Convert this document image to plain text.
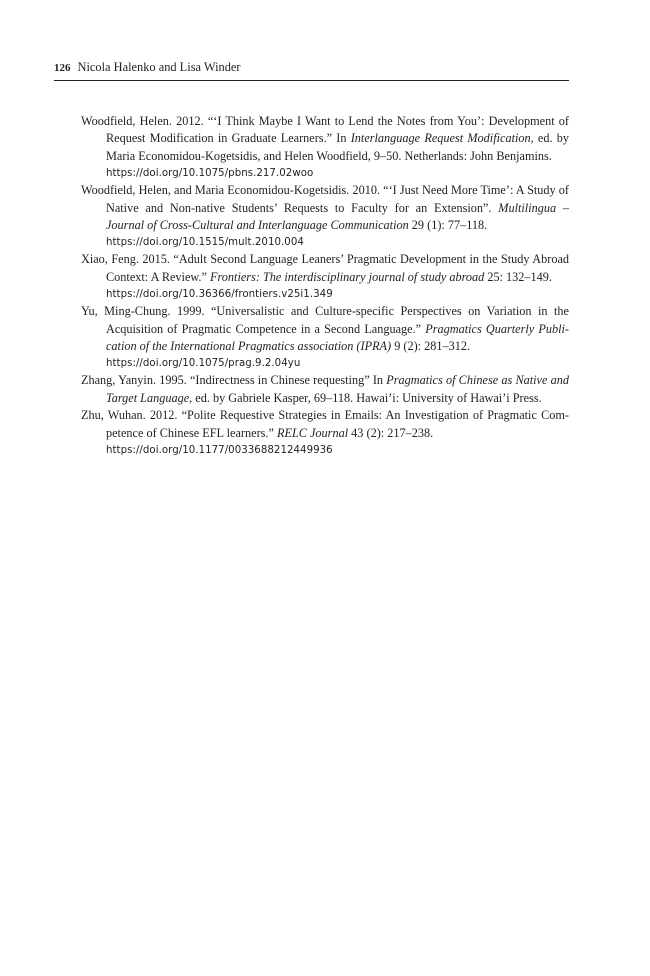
126 Nicola Halenko and Lisa Winder
Woodfield, Helen. 2012. “‘I Think Maybe I Want to Lend the Notes from You’: Development of Request Modification in Graduate Learners.” In Interlanguage Request Modification, ed. by Maria Economidou-Kogetsidis, and Helen Woodfield, 9–50. Netherlands: John Benjamins.
https://doi.org/10.1075/pbns.217.02woo
Woodfield, Helen, and Maria Economidou-Kogetsidis. 2010. “‘I Just Need More Time’: A Study of Native and Non-native Students’ Requests to Faculty for an Extension”. Multilingua – Journal of Cross-Cultural and Interlanguage Communication 29 (1): 77–118.
https://doi.org/10.1515/mult.2010.004
Xiao, Feng. 2015. “Adult Second Language Leaners’ Pragmatic Development in the Study Abroad Context: A Review.” Frontiers: The interdisciplinary journal of study abroad 25: 132–149.
https://doi.org/10.36366/frontiers.v25i1.349
Yu, Ming-Chung. 1999. “Universalistic and Culture-specific Perspectives on Variation in the Acquisition of Pragmatic Competence in a Second Language.” Pragmatics Quarterly Publication of the International Pragmatics association (IPRA) 9 (2): 281–312.
https://doi.org/10.1075/prag.9.2.04yu
Zhang, Yanyin. 1995. “Indirectness in Chinese requesting” In Pragmatics of Chinese as Native and Target Language, ed. by Gabriele Kasper, 69–118. Hawai’i: University of Hawai’i Press.
Zhu, Wuhan. 2012. “Polite Requestive Strategies in Emails: An Investigation of Pragmatic Competence of Chinese EFL learners.” RELC Journal 43 (2): 217–238.
https://doi.org/10.1177/0033688212449936
